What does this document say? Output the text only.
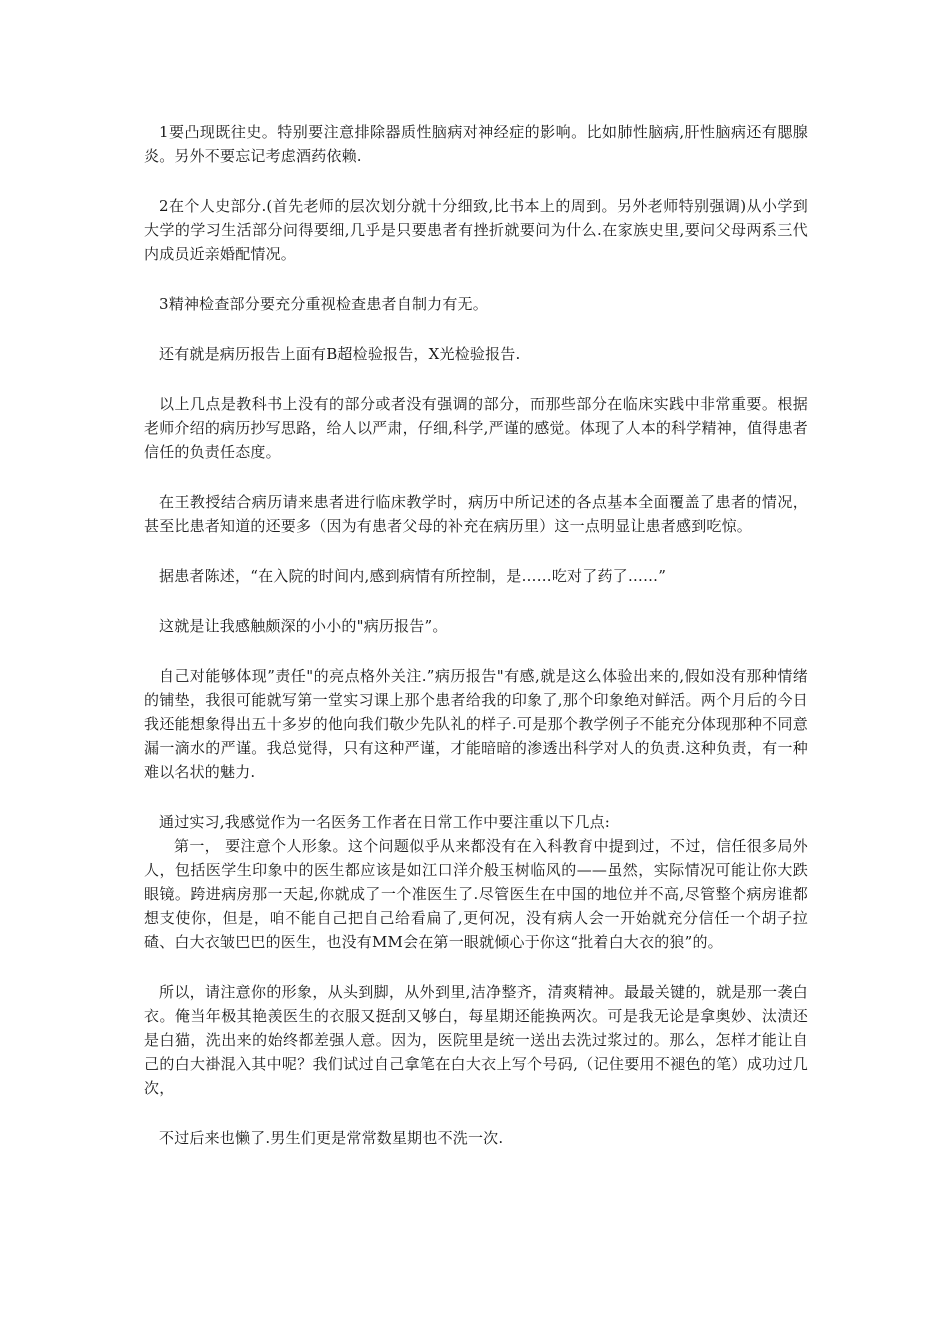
1要凸现既往史。特别要注意排除器质性脑病对神经症的影响。比如肺性脑病,肝性脑病还有腮腺炎。另外不要忘记考虑酒药依赖.

2在个人史部分.(首先老师的层次划分就十分细致,比书本上的周到。另外老师特别强调)从小学到大学的学习生活部分问得要细,几乎是只要患者有挫折就要问为什么.在家族史里,要问父母两系三代内成员近亲婚配情况。

3精神检查部分要充分重视检查患者自制力有无。

还有就是病历报告上面有B超检验报告，X光检验报告.

以上几点是教科书上没有的部分或者没有强调的部分，而那些部分在临床实践中非常重要。根据老师介绍的病历抄写思路，给人以严肃，仔细,科学,严谨的感觉。体现了人本的科学精神，值得患者信任的负责任态度。

在王教授结合病历请来患者进行临床教学时，病历中所记述的各点基本全面覆盖了患者的情况，甚至比患者知道的还要多（因为有患者父母的补充在病历里）这一点明显让患者感到吃惊。

据患者陈述，“在入院的时间内,感到病情有所控制，是……吃对了药了……”

这就是让我感触颇深的小小的"病历报告”。

自己对能够体现”责任"的亮点格外关注.”病历报告"有感,就是这么体验出来的,假如没有那种情绪的铺垫，我很可能就写第一堂实习课上那个患者给我的印象了,那个印象绝对鲜活。两个月后的今日我还能想象得出五十多岁的他向我们敬少先队礼的样子.可是那个教学例子不能充分体现那种不同意漏一滴水的严谨。我总觉得，只有这种严谨，才能暗暗的渗透出科学对人的负责.这种负责，有一种难以名状的魅力.

通过实习,我感觉作为一名医务工作者在日常工作中要注重以下几点:

第一， 要注意个人形象。这个问题似乎从来都没有在入科教育中提到过，不过，信任很多局外人，包括医学生印象中的医生都应该是如江口洋介般玉树临风的——虽然，实际情况可能让你大跌眼镜。跨进病房那一天起,你就成了一个准医生了.尽管医生在中国的地位并不高,尽管整个病房谁都想支使你，但是，咱不能自己把自己给看扁了,更何况，没有病人会一开始就充分信任一个胡子拉碴、白大衣皱巴巴的医生，也没有MM会在第一眼就倾心于你这“批着白大衣的狼”的。

所以，请注意你的形象，从头到脚，从外到里,洁净整齐，清爽精神。最最关键的，就是那一袭白衣。俺当年极其艳羡医生的衣服又挺刮又够白，每星期还能换两次。可是我无论是拿奥妙、汰渍还是白猫，洗出来的始终都差强人意。因为，医院里是统一送出去洗过浆过的。那么，怎样才能让自己的白大褂混入其中呢？我们试过自己拿笔在白大衣上写个号码,（记住要用不褪色的笔）成功过几次，

不过后来也懒了.男生们更是常常数星期也不洗一次.
